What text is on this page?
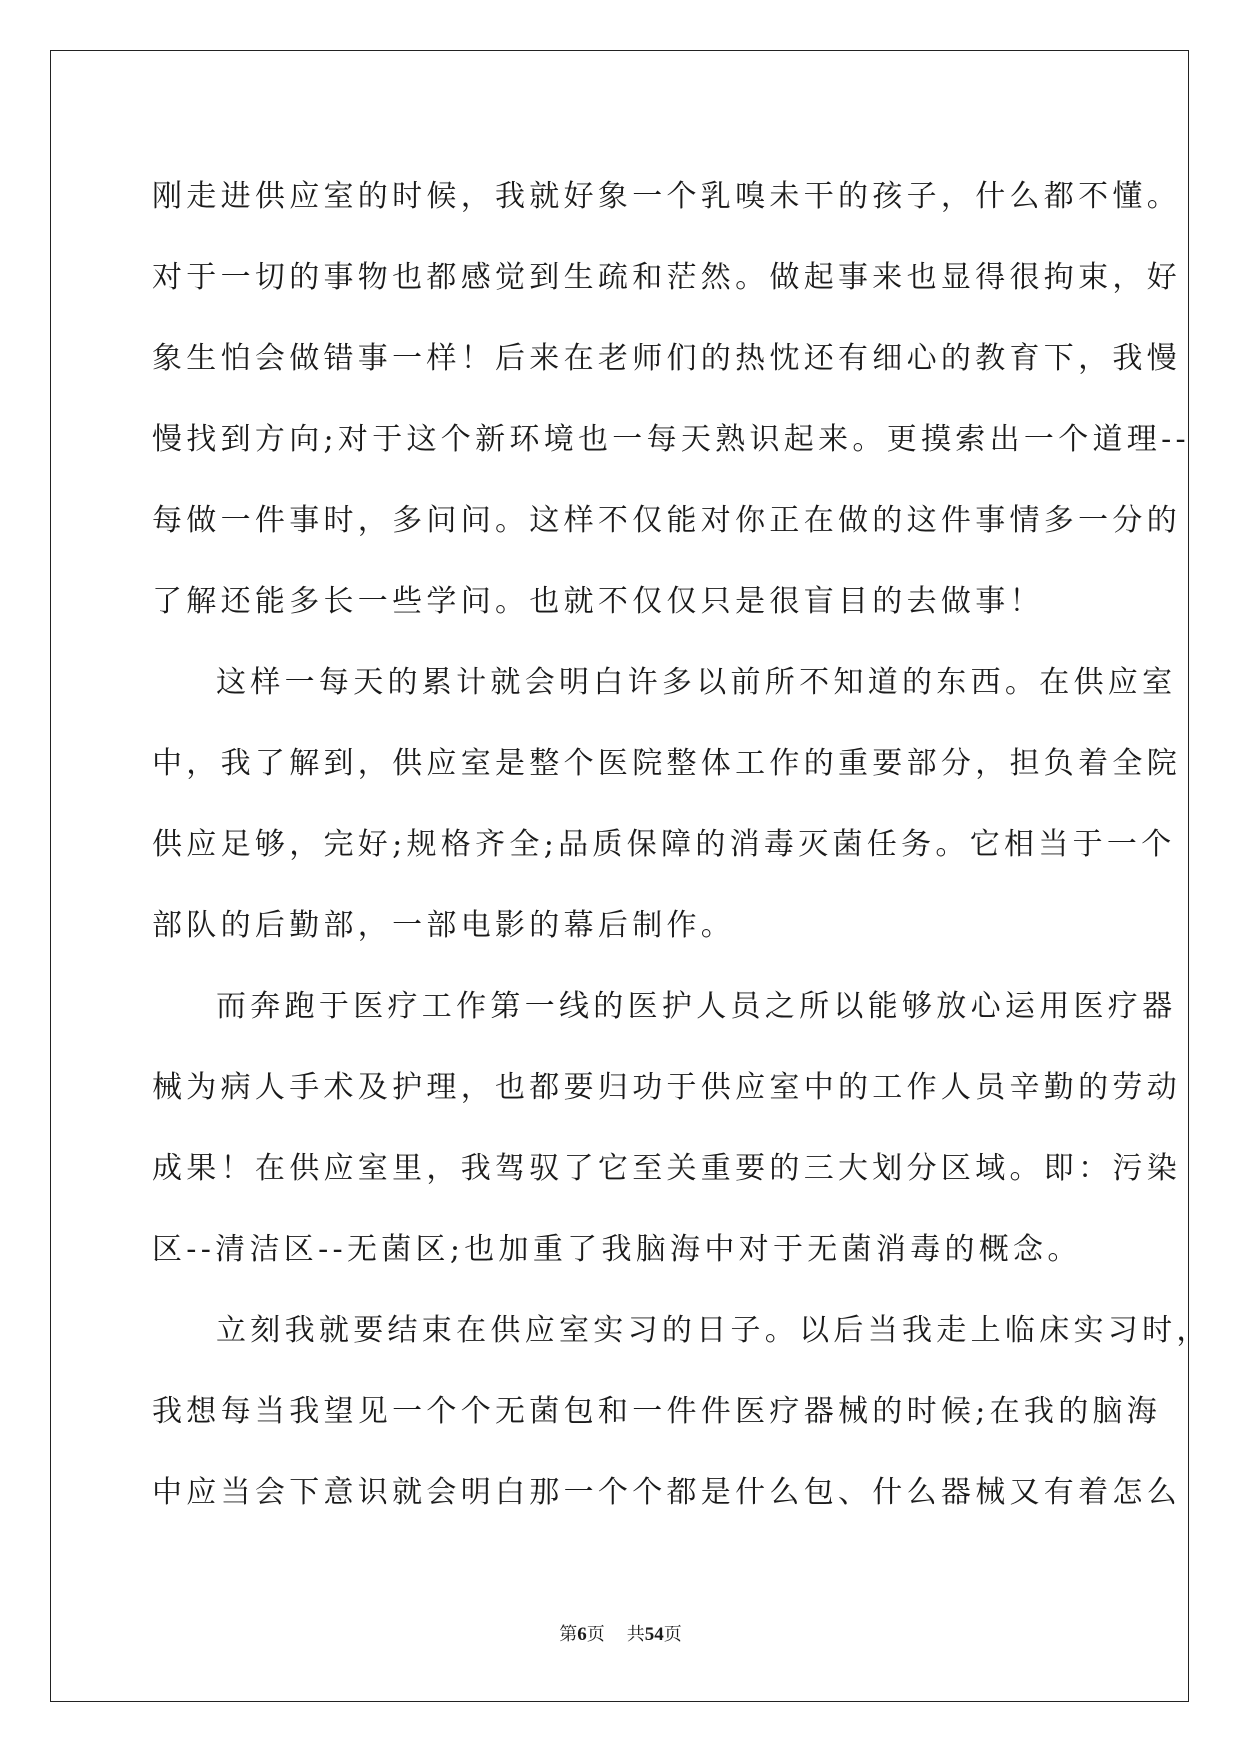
刚走进供应室的时候，我就好象一个乳嗅未干的孩子，什么都不懂。
对于一切的事物也都感觉到生疏和茫然。做起事来也显得很拘束，好
象生怕会做错事一样！后来在老师们的热忱还有细心的教育下，我慢
慢找到方向;对于这个新环境也一每天熟识起来。更摸索出一个道理--
每做一件事时，多问问。这样不仅能对你正在做的这件事情多一分的
了解还能多长一些学问。也就不仅仅只是很盲目的去做事！
这样一每天的累计就会明白许多以前所不知道的东西。在供应室
中，我了解到，供应室是整个医院整体工作的重要部分，担负着全院
供应足够，完好;规格齐全;品质保障的消毒灭菌任务。它相当于一个
部队的后勤部，一部电影的幕后制作。
而奔跑于医疗工作第一线的医护人员之所以能够放心运用医疗器
械为病人手术及护理，也都要归功于供应室中的工作人员辛勤的劳动
成果！在供应室里，我驾驭了它至关重要的三大划分区域。即：污染
区--清洁区--无菌区;也加重了我脑海中对于无菌消毒的概念。
立刻我就要结束在供应室实习的日子。以后当我走上临床实习时，
我想每当我望见一个个无菌包和一件件医疗器械的时候;在我的脑海
中应当会下意识就会明白那一个个都是什么包、什么器械又有着怎么
第6页 共54页
